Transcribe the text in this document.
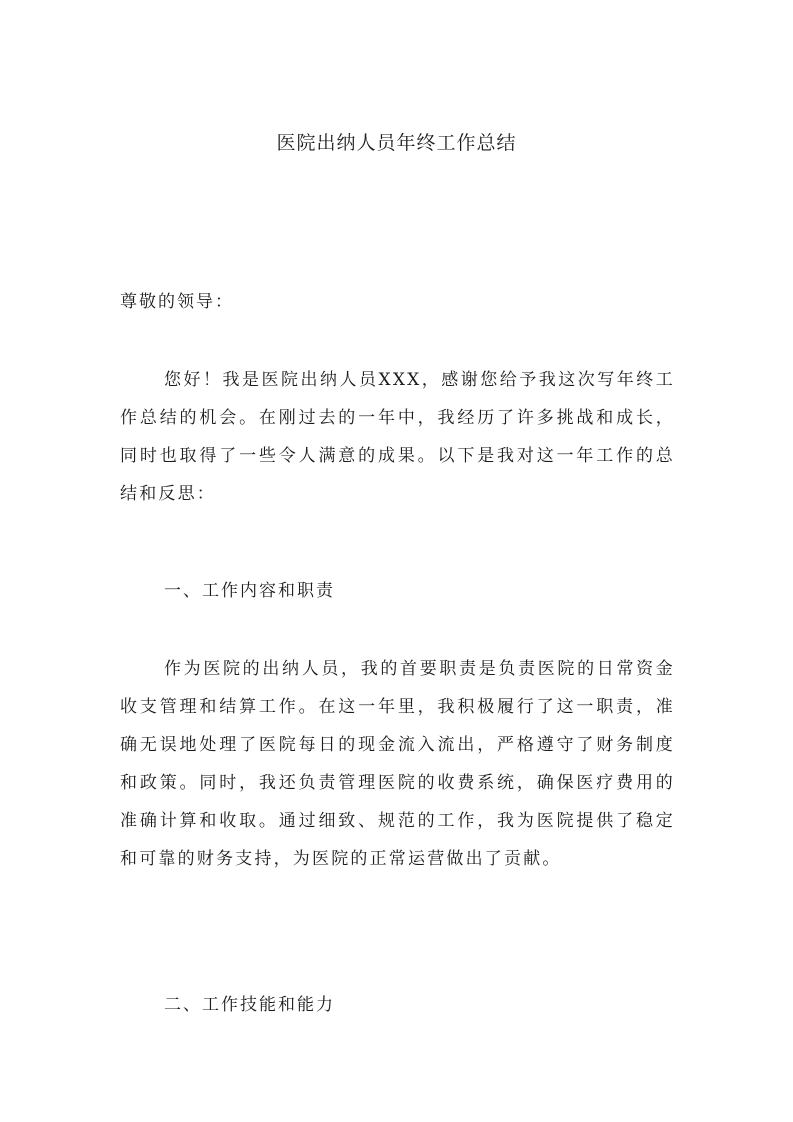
医院出纳人员年终工作总结
尊敬的领导：

您好！我是医院出纳人员XXX，感谢您给予我这次写年终工作总结的机会。在刚过去的一年中，我经历了许多挑战和成长，同时也取得了一些令人满意的成果。以下是我对这一年工作的总结和反思：

一、工作内容和职责

作为医院的出纳人员，我的首要职责是负责医院的日常资金收支管理和结算工作。在这一年里，我积极履行了这一职责，准确无误地处理了医院每日的现金流入流出，严格遵守了财务制度和政策。同时，我还负责管理医院的收费系统，确保医疗费用的准确计算和收取。通过细致、规范的工作，我为医院提供了稳定和可靠的财务支持，为医院的正常运营做出了贡献。

二、工作技能和能力
